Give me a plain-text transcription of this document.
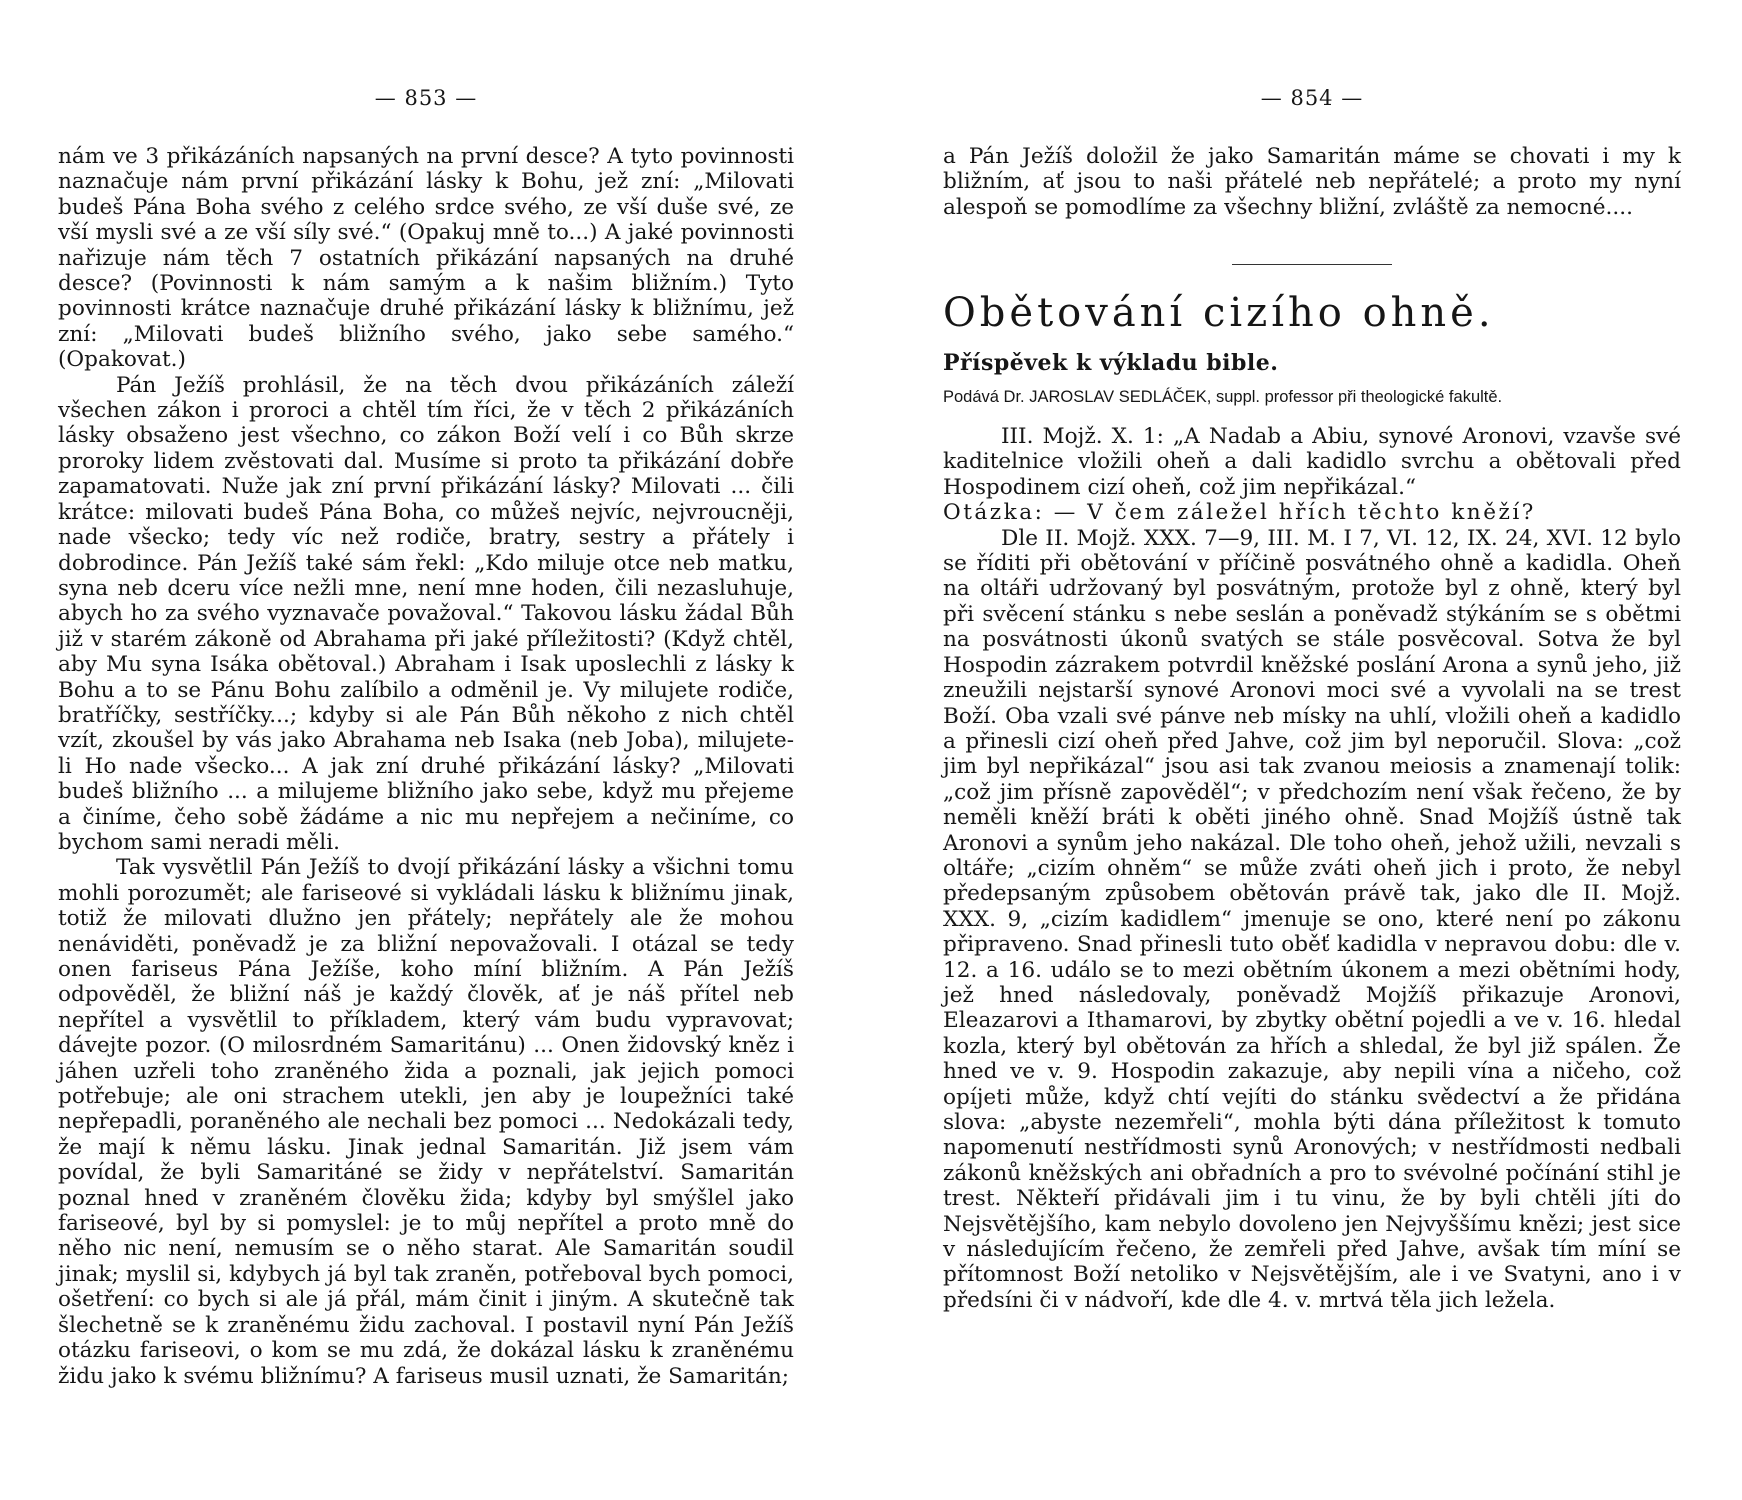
— 853 —

nám ve 3 přikázáních napsaných na první desce? A tyto povinnosti naznačuje nám první přikázání lásky k Bohu, jež zní: „Milovati budeš Pána Boha svého z celého srdce svého, ze vší duše své, ze vší mysli své a ze vší síly své.“ (Opakuj mně to...) A jaké povinnosti nařizuje nám těch 7 ostatních přikázání napsaných na druhé desce? (Povinnosti k nám samým a k našim bližním.) Tyto povinnosti krátce naznačuje druhé přikázání lásky k bližnímu, jež zní: „Milovati budeš bližního svého, jako sebe samého.“ (Opakovat.)

Pán Ježíš prohlásil, že na těch dvou přikázáních záleží všechen zákon i proroci a chtěl tím říci, že v těch 2 přikázáních lásky obsaženo jest všechno, co zákon Boží velí i co Bůh skrze proroky lidem zvěstovati dal. Musíme si proto ta přikázání dobře zapamatovati. Nuže jak zní první přikázání lásky? Milovati ... čili krátce: milovati budeš Pána Boha, co můžeš nejvíc, nejvroucněji, nade všecko; tedy víc než rodiče, bratry, sestry a přátely i dobrodince. Pán Ježíš také sám řekl: „Kdo miluje otce neb matku, syna neb dceru více nežli mne, není mne hoden, čili nezasluhuje, abych ho za svého vyznavače považoval.“ Takovou lásku žádal Bůh již v starém zákoně od Abrahama při jaké příležitosti? (Když chtěl, aby Mu syna Isáka obětoval.) Abraham i Isak uposlechli z lásky k Bohu a to se Pánu Bohu zalíbilo a odměnil je. Vy milujete rodiče, bratříčky, sestříčky...; kdyby si ale Pán Bůh někoho z nich chtěl vzít, zkoušel by vás jako Abrahama neb Isaka (neb Joba), milujete-li Ho nade všecko... A jak zní druhé přikázání lásky? „Milovati budeš bližního ... a milujeme bližního jako sebe, když mu přejeme a činíme, čeho sobě žádáme a nic mu nepřejem a nečiníme, co bychom sami neradi měli.

Tak vysvětlil Pán Ježíš to dvojí přikázání lásky a všichni tomu mohli porozumět; ale fariseové si vykládali lásku k bližnímu jinak, totiž že milovati dlužno jen přátely; nepřátely ale že mohou nenáviděti, poněvadž je za bližní nepovažovali. I otázal se tedy onen fariseus Pána Ježíše, koho míní bližním. A Pán Ježíš odpověděl, že bližní náš je každý člověk, ať je náš přítel neb nepřítel a vysvětlil to příkladem, který vám budu vypravovat; dávejte pozor. (O milosrdném Samaritánu) ... Onen židovský kněz i jáhen uzřeli toho zraněného žida a poznali, jak jejich pomoci potřebuje; ale oni strachem utekli, jen aby je loupežníci také nepřepadli, poraněného ale nechali bez pomoci ... Nedokázali tedy, že mají k němu lásku. Jinak jednal Samaritán. Již jsem vám povídal, že byli Samaritáné se židy v nepřátelství. Samaritán poznal hned v zraněném člověku žida; kdyby byl smýšlel jako fariseové, byl by si pomyslel: je to můj nepřítel a proto mně do něho nic není, nemusím se o něho starat. Ale Samaritán soudil jinak; myslil si, kdybych já byl tak zraněn, potřeboval bych pomoci, ošetření: co bych si ale já přál, mám činit i jiným. A skutečně tak šlechetně se k zraněnému židu zachoval. I postavil nyní Pán Ježíš otázku fariseovi, o kom se mu zdá, že dokázal lásku k zraněnému židu jako k svému bližnímu? A fariseus musil uznati, že Samaritán;

— 854 —

a Pán Ježíš doložil že jako Samaritán máme se chovati i my k bližním, ať jsou to naši přátelé neb nepřátelé; a proto my nyní alespoň se pomodlíme za všechny bližní, zvláště za nemocné....

Obětování cizího ohně.
Příspěvek k výkladu bible.
Podává Dr. JAROSLAV SEDLÁČEK, suppl. professor při theologické fakultě.

III. Mojž. X. 1: „A Nadab a Abiu, synové Aronovi, vzavše své kaditelnice vložili oheň a dali kadidlo svrchu a obětovali před Hospodinem cizí oheň, což jim nepřikázal.“

Otázka: — V čem záležel hřích těchto kněží?

Dle II. Mojž. XXX. 7—9, III. M. I 7, VI. 12, IX. 24, XVI. 12 bylo se říditi při obětování v příčině posvátného ohně a kadidla. Oheň na oltáři udržovaný byl posvátným, protože byl z ohně, který byl při svěcení stánku s nebe seslán a poněvadž stýkáním se s obětmi na posvátnosti úkonů svatých se stále posvěcoval. Sotva že byl Hospodin zázrakem potvrdil kněžské poslání Arona a synů jeho, již zneužili nejstarší synové Aronovi moci své a vyvolali na se trest Boží. Oba vzali své pánve neb mísky na uhlí, vložili oheň a kadidlo a přinesli cizí oheň před Jahve, což jim byl neporučil. Slova: „což jim byl nepřikázal“ jsou asi tak zvanou meiosis a znamenají tolik: „což jim přísně zapověděl“; v předchozím není však řečeno, že by neměli kněží bráti k oběti jiného ohně. Snad Mojžíš ústně tak Aronovi a synům jeho nakázal. Dle toho oheň, jehož užili, nevzali s oltáře; „cizím ohněm“ se může zváti oheň jich i proto, že nebyl předepsaným způsobem obětován právě tak, jako dle II. Mojž. XXX. 9, „cizím kadidlem“ jmenuje se ono, které není po zákonu připraveno. Snad přinesli tuto oběť kadidla v nepravou dobu: dle v. 12. a 16. událo se to mezi obětním úkonem a mezi obětními hody, jež hned následovaly, poněvadž Mojžíš přikazuje Aronovi, Eleazarovi a Ithamarovi, by zbytky obětní pojedli a ve v. 16. hledal kozla, který byl obětován za hřích a shledal, že byl již spálen. Že hned ve v. 9. Hospodin zakazuje, aby nepili vína a ničeho, což opíjeti může, když chtí vejíti do stánku svědectví a že přidána slova: „abyste nezemřeli“, mohla býti dána příležitost k tomuto napomenutí nestřídmosti synů Aronových; v nestřídmosti nedbali zákonů kněžských ani obřadních a pro to svévolné počínání stihl je trest. Někteří přidávali jim i tu vinu, že by byli chtěli jíti do Nejsvětějšího, kam nebylo dovoleno jen Nejvyššímu knězi; jest sice v následujícím řečeno, že zemřeli před Jahve, avšak tím míní se přítomnost Boží netoliko v Nejsvětějším, ale i ve Svatyni, ano i v předsíni či v nádvoří, kde dle 4. v. mrtvá těla jich ležela.
